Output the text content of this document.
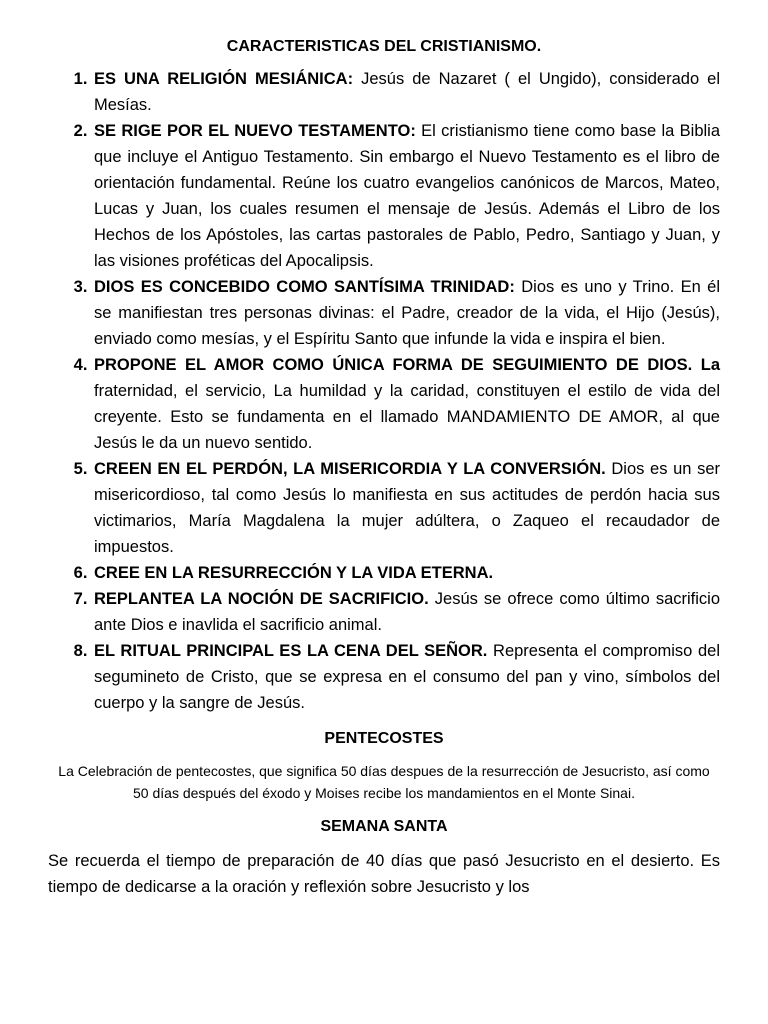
CARACTERISTICAS DEL CRISTIANISMO.
1. ES UNA RELIGIÓN MESIÁNICA: Jesús de Nazaret ( el Ungido), considerado el Mesías.
2. SE RIGE POR EL NUEVO TESTAMENTO: El cristianismo tiene como base la Biblia que incluye el Antiguo Testamento. Sin embargo el Nuevo Testamento es el libro de orientación fundamental. Reúne los cuatro evangelios canónicos de Marcos, Mateo, Lucas y Juan, los cuales resumen el mensaje de Jesús. Además el Libro de los Hechos de los Apóstoles, las cartas pastorales de Pablo, Pedro, Santiago y Juan, y las visiones proféticas del Apocalipsis.
3. DIOS ES CONCEBIDO COMO SANTÍSIMA TRINIDAD: Dios es uno y Trino. En él se manifiestan tres personas divinas: el Padre, creador de la vida, el Hijo (Jesús), enviado como mesías, y el Espíritu Santo que infunde la vida e inspira el bien.
4. PROPONE EL AMOR COMO ÚNICA FORMA DE SEGUIMIENTO DE DIOS. La fraternidad, el servicio, La humildad y la caridad, constituyen el estilo de vida del creyente. Esto se fundamenta en el llamado MANDAMIENTO DE AMOR, al que Jesús le da un nuevo sentido.
5. CREEN EN EL PERDÓN, LA MISERICORDIA Y LA CONVERSIÓN. Dios es un ser misericordioso, tal como Jesús lo manifiesta en sus actitudes de perdón hacia sus victimarios, María Magdalena la mujer adúltera, o Zaqueo el recaudador de impuestos.
6. CREE EN LA RESURRECCIÓN Y LA VIDA ETERNA.
7. REPLANTEA LA NOCIÓN DE SACRIFICIO. Jesús se ofrece como último sacrificio ante Dios e inavlida el sacrificio animal.
8. EL RITUAL PRINCIPAL ES LA CENA DEL SEÑOR. Representa el compromiso del segumineto de Cristo, que se expresa en el consumo del pan y vino, símbolos del cuerpo y la sangre de Jesús.
PENTECOSTES

La Celebración de pentecostes, que significa 50 días despues de la resurrección de Jesucristo, así como 50 días después del éxodo y Moises recibe los mandamientos en el Monte Sinai.

SEMANA SANTA

Se recuerda el tiempo de preparación de 40 días que pasó Jesucristo en el desierto. Es tiempo de dedicarse a la oración y reflexión sobre Jesucristo y los
